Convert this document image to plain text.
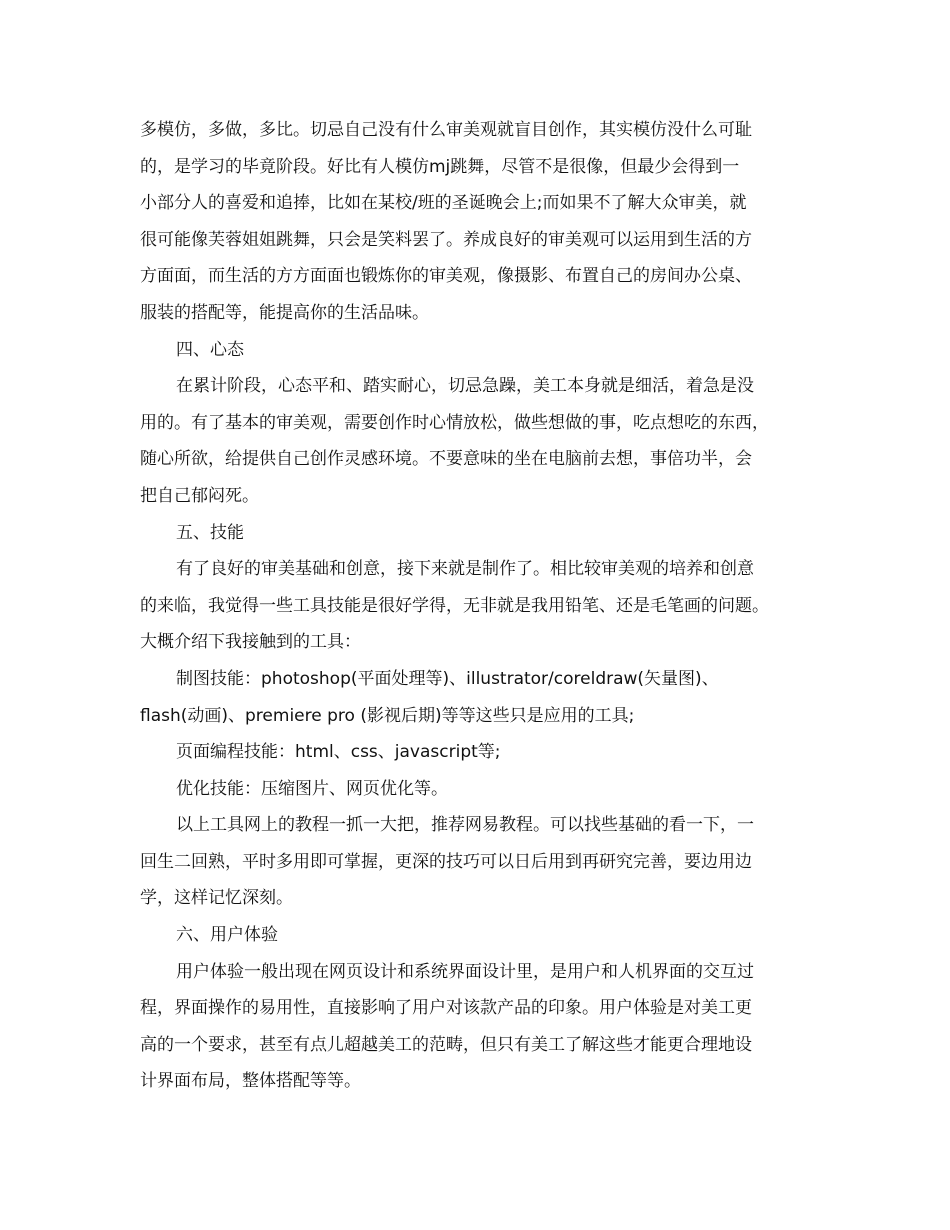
多模仿，多做，多比。切忌自己没有什么审美观就盲目创作，其实模仿没什么可耻
的，是学习的毕竟阶段。好比有人模仿mj跳舞，尽管不是很像，但最少会得到一
小部分人的喜爱和追捧，比如在某校/班的圣诞晚会上;而如果不了解大众审美，就
很可能像芙蓉姐姐跳舞，只会是笑料罢了。养成良好的审美观可以运用到生活的方
方面面，而生活的方方面面也锻炼你的审美观，像摄影、布置自己的房间办公桌、
服装的搭配等，能提高你的生活品味。
四、心态
在累计阶段，心态平和、踏实耐心，切忌急躁，美工本身就是细活，着急是没
用的。有了基本的审美观，需要创作时心情放松，做些想做的事，吃点想吃的东西，
随心所欲，给提供自己创作灵感环境。不要意味的坐在电脑前去想，事倍功半，会
把自己郁闷死。
五、技能
有了良好的审美基础和创意，接下来就是制作了。相比较审美观的培养和创意
的来临，我觉得一些工具技能是很好学得，无非就是我用铅笔、还是毛笔画的问题。
大概介绍下我接触到的工具：
制图技能：photoshop(平面处理等)、illustrator/coreldraw(矢量图)、
flash(动画)、premiere pro (影视后期)等等这些只是应用的工具;
页面编程技能：html、css、javascript等;
优化技能：压缩图片、网页优化等。
以上工具网上的教程一抓一大把，推荐网易教程。可以找些基础的看一下，一
回生二回熟，平时多用即可掌握，更深的技巧可以日后用到再研究完善，要边用边
学，这样记忆深刻。
六、用户体验
用户体验一般出现在网页设计和系统界面设计里，是用户和人机界面的交互过
程，界面操作的易用性，直接影响了用户对该款产品的印象。用户体验是对美工更
高的一个要求，甚至有点儿超越美工的范畴，但只有美工了解这些才能更合理地设
计界面布局，整体搭配等等。
